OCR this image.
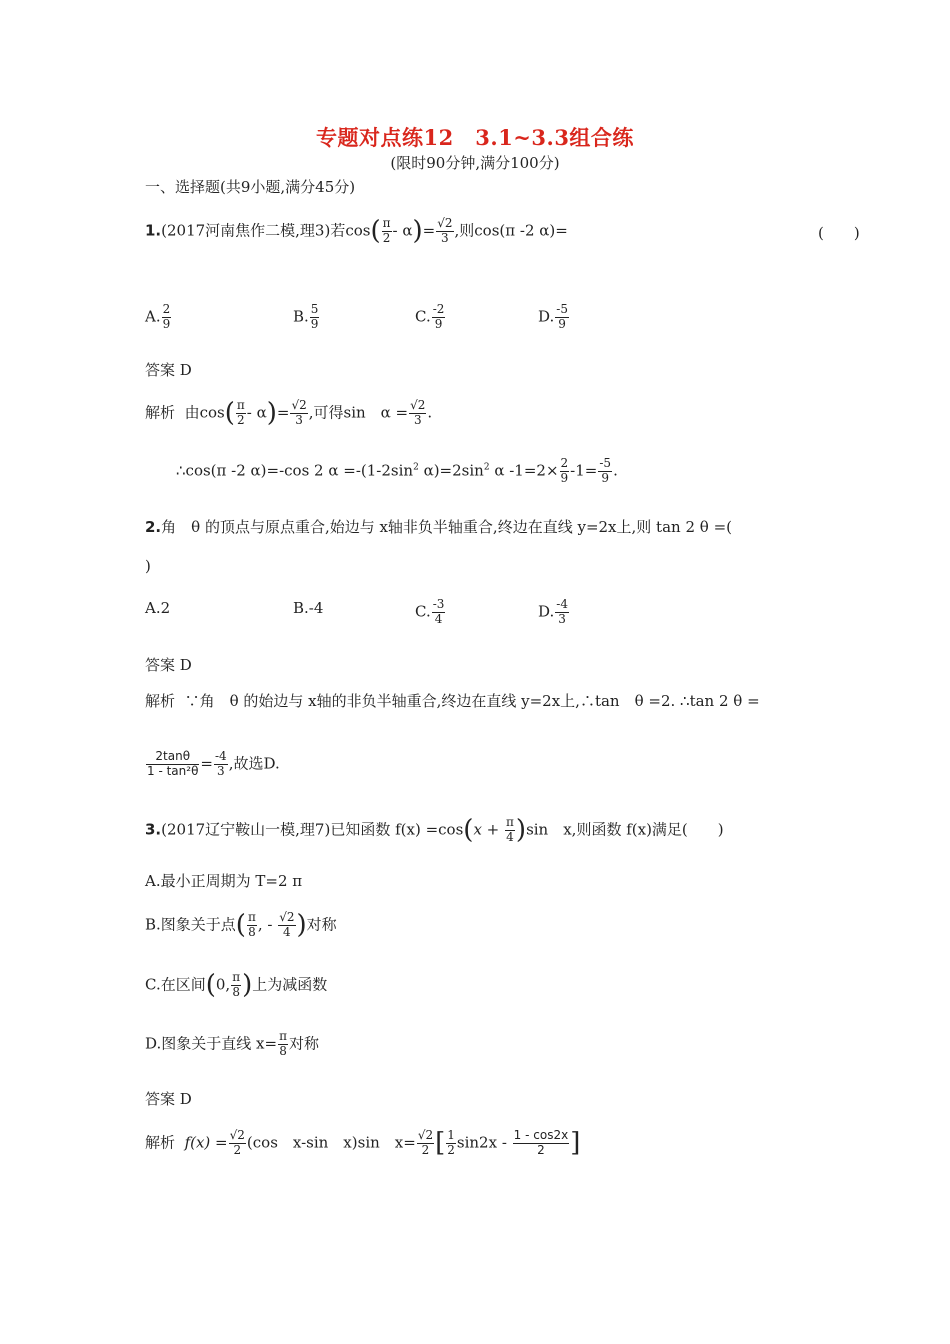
专题对点练12　3.1~3.3组合练
(限时90分钟,满分100分)
一、选择题(共9小题,满分45分)
1.(2017河南焦作二模,理3)若$\cos( \frac{\pi}{2} - \alpha)= \frac{√2}{3}$ ,则cos(π -2 α)=	(　　)
A. $\frac{2}{9}$	B. $\frac{5}{9}$	C. $\frac{-2}{9}$	D. $\frac{-5}{9}$
答案 D
解析 由$\cos( \frac{\pi}{2} - \alpha)= \frac{√2}{3}$ ,可得sin　$\alpha = \frac{√2}{3}$ .
∴cos(π -2 α)=-cos 2 $\alpha =-(1-2\sin^2$ $\alpha)=2\sin^2$ α $-1=2\times \frac{2}{9} -1= \frac{-5}{9}$ .
2.角　θ 的顶点与原点重合,始边与 x轴非负半轴重合,终边在直线 y=2x上,则 tan 2 θ =(
)
A.2	B.-4	C. $\frac{-3}{4}$	D. $\frac{-4}{3}$
答案 D
解析 ∵角　θ 的始边与 x轴的非负半轴重合,终边在直线 y=2x上,∴tan　θ =2. ∴tan 2 θ =
$\frac{2\tan\theta}{\text{1 - tan²θ}} = \frac{-4}{3}$ ,故选D.
3.(2017辽宁鞍山一模,理7)已知函数 $f(x) =\cos(x + \frac{\pi}{4} )\sin$　x,则函数 f(x)满足(　　)
A.最小正周期为 T=2 π
B.图象关于点( $\frac{\pi}{8}$ , - $\frac{√2}{4}$ )对称
C.在区间(0, $\frac{\pi}{8}$ )上为减函数
D.图象关于直线 $x= \frac{\pi}{8}$ 对称
答案 D
解析 $f(x) = \frac{√2}{2} (\cos$　x-sin　x)sin　$x= \frac{√2}{2}$ [ $\frac{1}{2} \sin 2x - \frac{1 - \cos 2x}{2}$ ]
